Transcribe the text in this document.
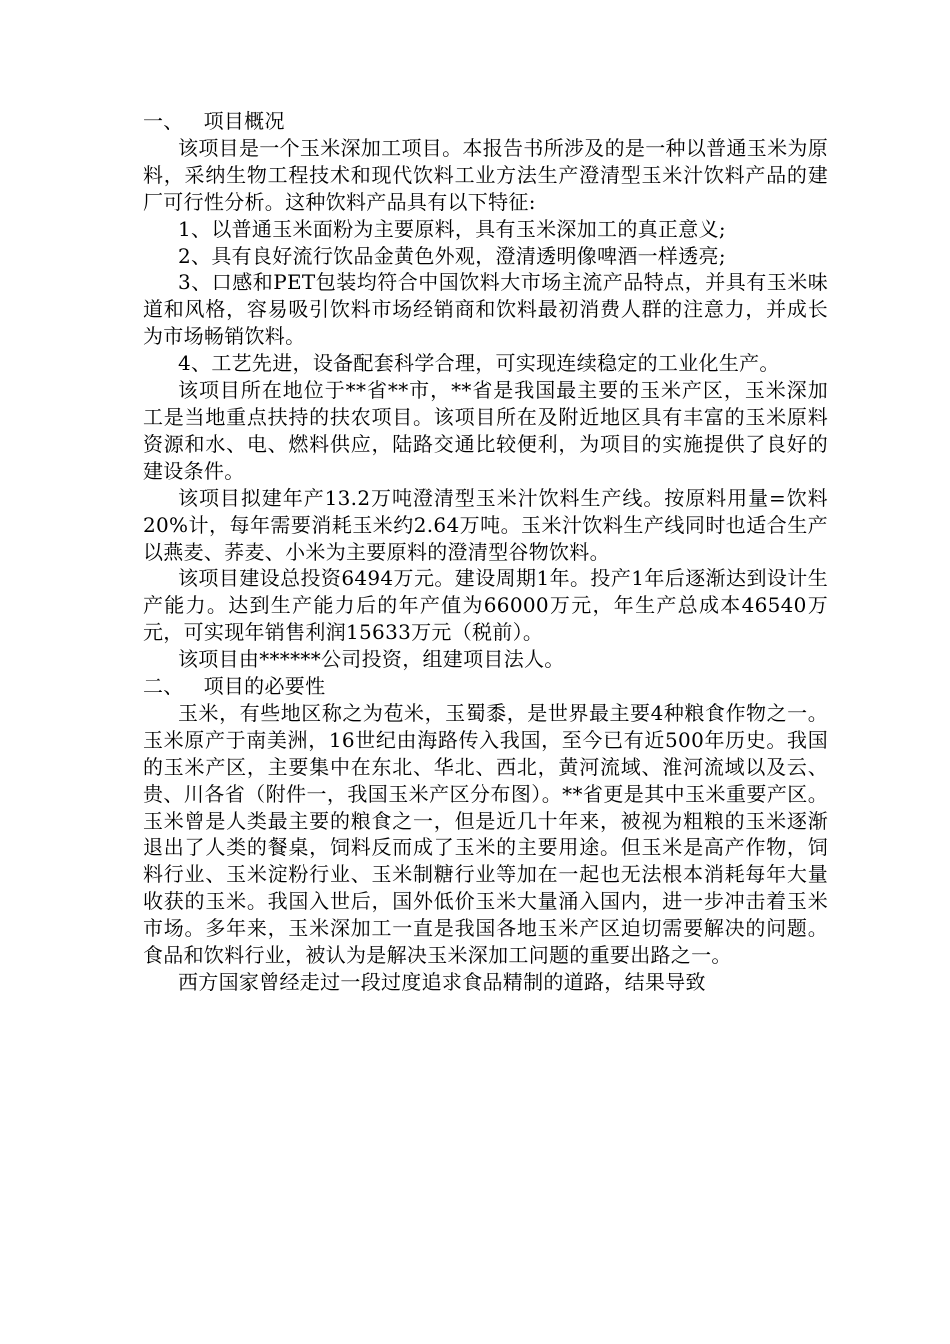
一、   项目概况

该项目是一个玉米深加工项目。本报告书所涉及的是一种以普通玉米为原料，采纳生物工程技术和现代饮料工业方法生产澄清型玉米汁饮料产品的建厂可行性分析。这种饮料产品具有以下特征:

1、以普通玉米面粉为主要原料，具有玉米深加工的真正意义;

2、具有良好流行饮品金黄色外观，澄清透明像啤酒一样透亮;

3、口感和PET包装均符合中国饮料大市场主流产品特点，并具有玉米味道和风格，容易吸引饮料市场经销商和饮料最初消费人群的注意力，并成长为市场畅销饮料。

4、工艺先进，设备配套科学合理，可实现连续稳定的工业化生产。

该项目所在地位于**省**市，**省是我国最主要的玉米产区，玉米深加工是当地重点扶持的扶农项目。该项目所在及附近地区具有丰富的玉米原料资源和水、电、燃料供应，陆路交通比较便利，为项目的实施提供了良好的建设条件。

该项目拟建年产13.2万吨澄清型玉米汁饮料生产线。按原料用量=饮料20%计，每年需要消耗玉米约2.64万吨。玉米汁饮料生产线同时也适合生产以燕麦、荞麦、小米为主要原料的澄清型谷物饮料。

该项目建设总投资6494万元。建设周期1年。投产1年后逐渐达到设计生产能力。达到生产能力后的年产值为66000万元，年生产总成本46540万元，可实现年销售利润15633万元（税前）。

该项目由******公司投资，组建项目法人。

二、   项目的必要性

玉米，有些地区称之为苞米，玉蜀黍，是世界最主要4种粮食作物之一。玉米原产于南美洲，16世纪由海路传入我国，至今已有近500年历史。我国的玉米产区，主要集中在东北、华北、西北，黄河流域、淮河流域以及云、贵、川各省（附件一，我国玉米产区分布图）。**省更是其中玉米重要产区。玉米曾是人类最主要的粮食之一，但是近几十年来，被视为粗粮的玉米逐渐退出了人类的餐桌，饲料反而成了玉米的主要用途。但玉米是高产作物，饲料行业、玉米淀粉行业、玉米制糖行业等加在一起也无法根本消耗每年大量收获的玉米。我国入世后，国外低价玉米大量涌入国内，进一步冲击着玉米市场。多年来，玉米深加工一直是我国各地玉米产区迫切需要解决的问题。食品和饮料行业，被认为是解决玉米深加工问题的重要出路之一。

西方国家曾经走过一段过度追求食品精制的道路，结果导致
